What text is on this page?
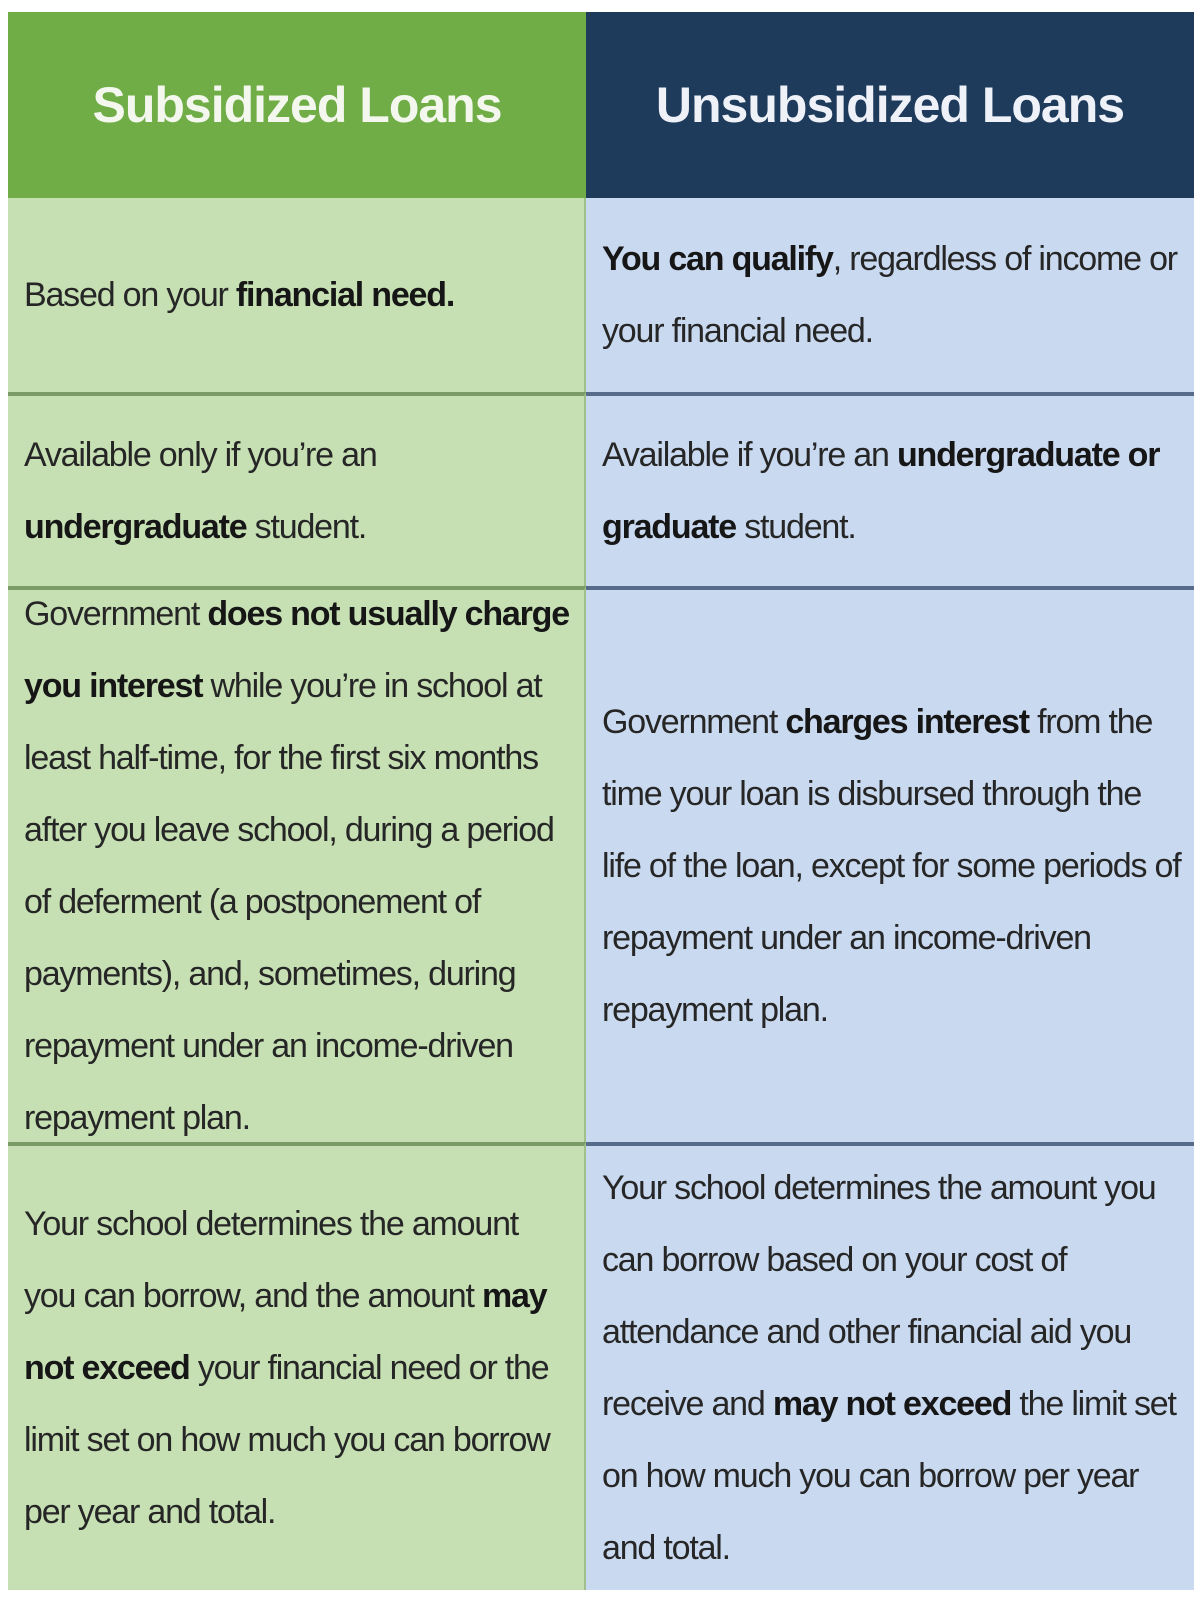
Subsidized Loans	Unsubsidized Loans
Based on your financial need.
You can qualify, regardless of income or your financial need.
Available only if you’re an undergraduate student.
Available if you’re an undergraduate or graduate student.
Government does not usually charge you interest while you’re in school at least half-time, for the first six months after you leave school, during a period of deferment (a postponement of payments), and, sometimes, during repayment under an income-driven repayment plan.
Government charges interest from the time your loan is disbursed through the life of the loan, except for some periods of repayment under an income-driven repayment plan.
Your school determines the amount you can borrow, and the amount may not exceed your financial need or the limit set on how much you can borrow per year and total.
Your school determines the amount you can borrow based on your cost of attendance and other financial aid you receive and may not exceed the limit set on how much you can borrow per year and total.
